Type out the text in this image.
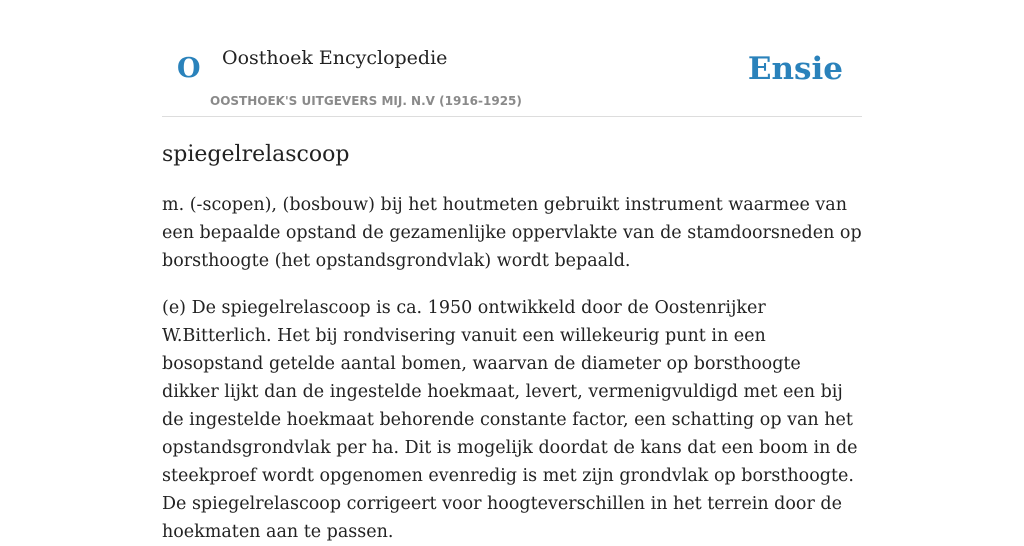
O Oosthoek Encyclopedie
OOSTHOEK'S UITGEVERS MIJ. N.V (1916-1925)
Ensie
spiegelrelascoop

m. (-scopen), (bosbouw) bij het houtmeten gebruikt instrument waarmee van een bepaalde opstand de gezamenlijke oppervlakte van de stamdoorsneden op borsthoogte (het opstandsgrondvlak) wordt bepaald.

(e) De spiegelrelascoop is ca. 1950 ontwikkeld door de Oostenrijker W.Bitterlich. Het bij rondvisering vanuit een willekeurig punt in een bosopstand getelde aantal bomen, waarvan de diameter op borsthoogte dikker lijkt dan de ingestelde hoekmaat, levert, vermenigvuldigd met een bij de ingestelde hoekmaat behorende constante factor, een schatting op van het opstandsgrondvlak per ha. Dit is mogelijk doordat de kans dat een boom in de steekproef wordt opgenomen evenredig is met zijn grondvlak op borsthoogte. De spiegelrelascoop corrigeert voor hoogteverschillen in het terrein door de hoekmaten aan te passen.
